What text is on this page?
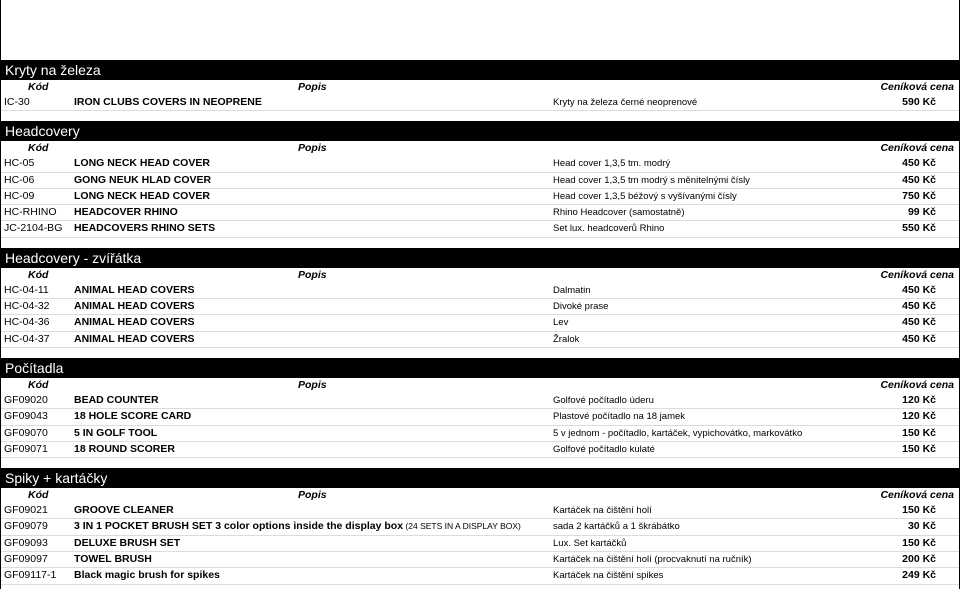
Kryty na železa
Kód	Popis	Ceníková cena
IC-30	IRON CLUBS COVERS IN NEOPRENE	Kryty na železa černé neoprenové	590 Kč
Headcovery
Kód	Popis	Ceníková cena
HC-05	LONG NECK HEAD COVER	Head cover 1,3,5 tm. modrý	450 Kč
HC-06	GONG NEUK HLAD COVER	Head cover 1,3,5 tm modrý s měnitelnými čísly	450 Kč
HC-09	LONG NECK HEAD COVER	Head cover 1,3,5 béžový s vyšívanými čísly	750 Kč
HC-RHINO HEADCOVER RHINO	Rhino Headcover (samostatně)	99 Kč
JC-2104-BG HEADCOVERS RHINO SETS	Set lux. headcoverů Rhino	550 Kč
Headcovery - zvířátka
Kód	Popis	Ceníková cena
HC-04-11 ANIMAL HEAD COVERS	Dalmatin	450 Kč
HC-04-32 ANIMAL HEAD COVERS	Divoké prase	450 Kč
HC-04-36 ANIMAL HEAD COVERS	Lev	450 Kč
HC-04-37 ANIMAL HEAD COVERS	Žralok	450 Kč
Počítadla
Kód	Popis	Ceníková cena
GF09020 BEAD COUNTER	Golfové počítadlo úderu	120 Kč
GF09043 18 HOLE SCORE CARD	Plastové počítadlo na 18 jamek	120 Kč
GF09070 5 IN GOLF TOOL	5 v jednom - počítadlo, kartáček, vypichovátko, markovátko	150 Kč
GF09071 18 ROUND SCORER	Golfové počítadlo kulaté	150 Kč
Spiky + kartáčky
Kód	Popis	Ceníková cena
GF09021 GROOVE CLEANER	Kartáček na čištění holí	150 Kč
GF09079 3 IN 1 POCKET BRUSH SET 3 color options inside the display box (24 SETS IN A DISPLAY BOX)	sada 2 kartáčků a 1 škrábátko	30 Kč
GF09093 DELUXE BRUSH SET	Lux. Set kartáčků	150 Kč
GF09097 TOWEL BRUSH	Kartáček na čištění holí (procvaknutí na ručník)	200 Kč
GF09117-1 Black magic brush for spikes	Kartáček na čištění spikes	249 Kč
